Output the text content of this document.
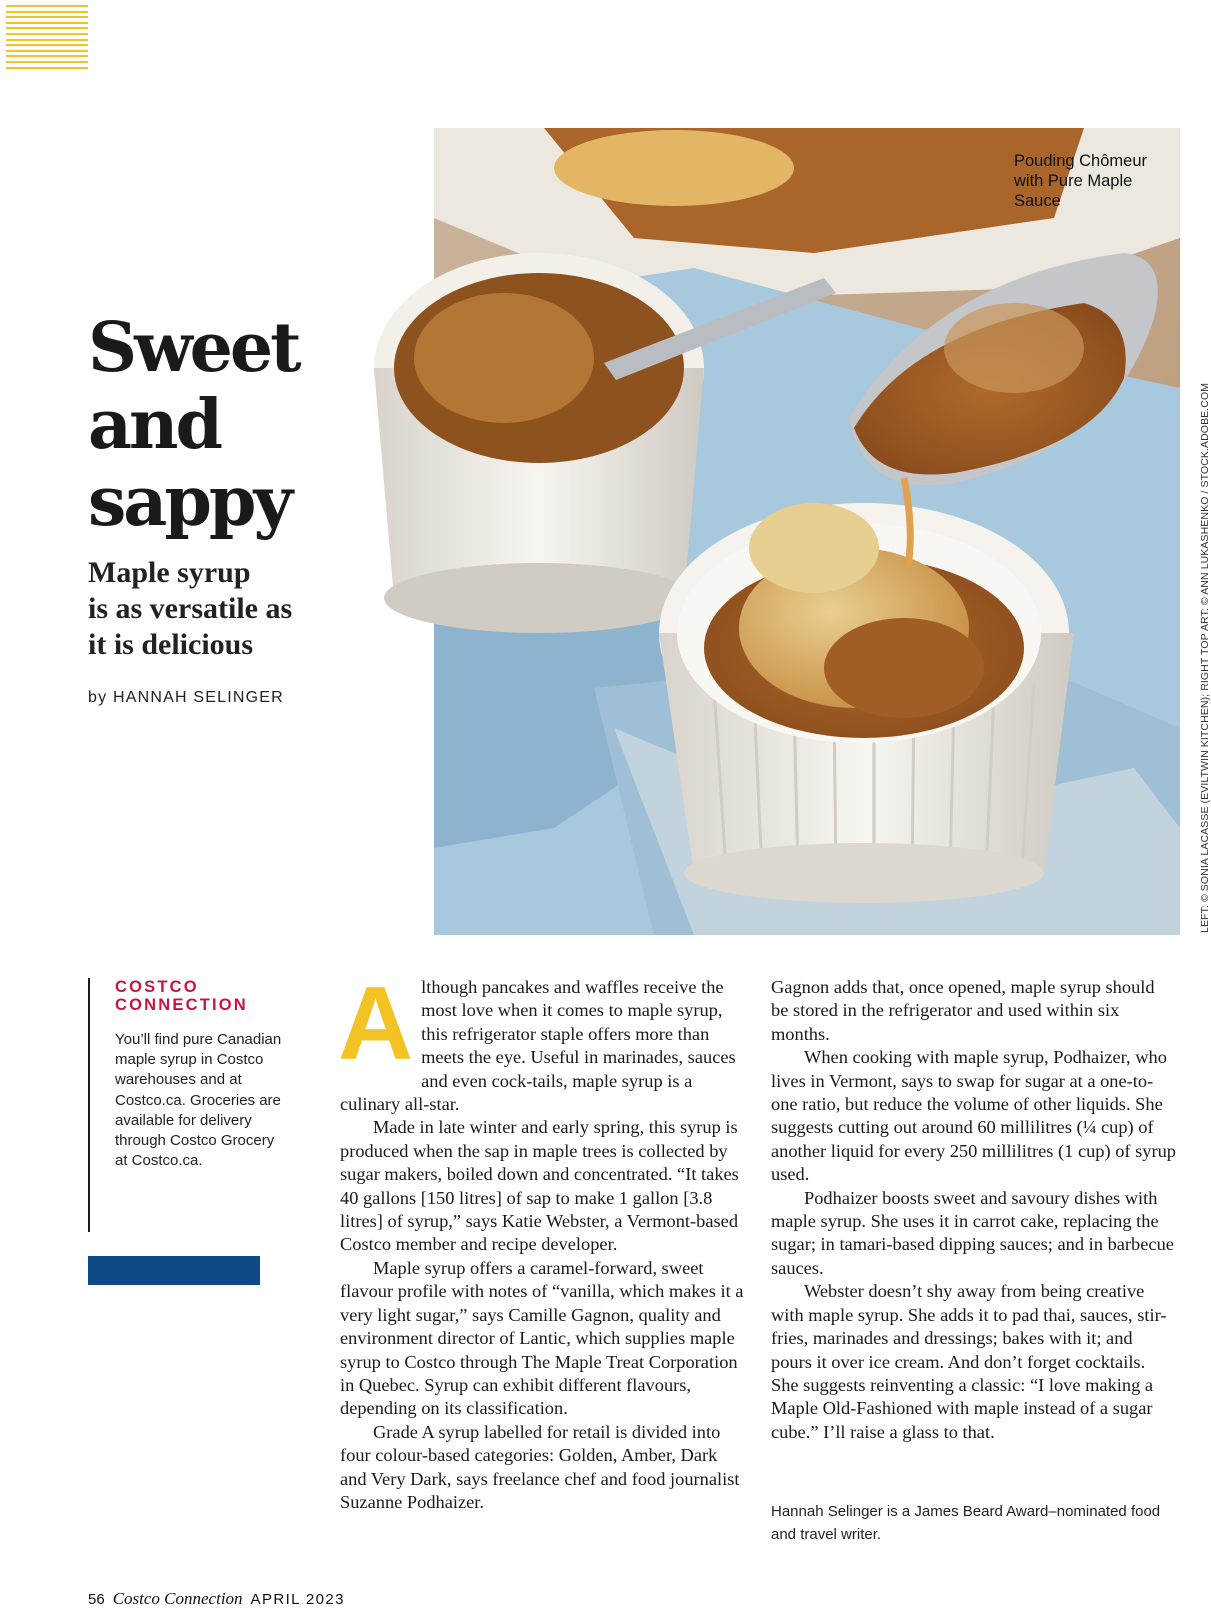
Pouding Chômeur with Pure Maple Sauce
LEFT: © SONIA LACASSE (EVILTWIN KITCHEN); RIGHT TOP ART: © ANN LUKASHENKO / STOCK.ADOBE.COM
Sweet
and
sappy
Maple syrup
is as versatile as
it is delicious
by HANNAH SELINGER
COSTCO
CONNECTION
You’ll find pure Canadian maple syrup in Costco warehouses and at Costco.ca. Groceries are available for delivery through Costco Grocery at Costco.ca.
A lthough pancakes and waffles receive the most love when it comes to maple syrup, this refrigerator staple offers more than meets the eye. Useful in marinades, sauces and even cock-tails, maple syrup is a culinary all-star.

Made in late winter and early spring, this syrup is produced when the sap in maple trees is collected by sugar makers, boiled down and concentrated. “It takes 40 gallons [150 litres] of sap to make 1 gallon [3.8 litres] of syrup,” says Katie Webster, a Vermont-based Costco member and recipe developer.

Maple syrup offers a caramel-forward, sweet flavour profile with notes of “vanilla, which makes it a very light sugar,” says Camille Gagnon, quality and environment director of Lantic, which supplies maple syrup to Costco through The Maple Treat Corporation in Quebec. Syrup can exhibit different flavours, depending on its classification.

Grade A syrup labelled for retail is divided into four colour-based categories: Golden, Amber, Dark and Very Dark, says freelance chef and food journalist Suzanne Podhaizer.

Gagnon adds that, once opened, maple syrup should be stored in the refrigerator and used within six months.

When cooking with maple syrup, Podhaizer, who lives in Vermont, says to swap for sugar at a one-to-one ratio, but reduce the volume of other liquids. She suggests cutting out around 60 millilitres (¼ cup) of another liquid for every 250 millilitres (1 cup) of syrup used.

Podhaizer boosts sweet and savoury dishes with maple syrup. She uses it in carrot cake, replacing the sugar; in tamari-based dipping sauces; and in barbecue sauces.

Webster doesn’t shy away from being creative with maple syrup. She adds it to pad thai, sauces, stir-fries, marinades and dressings; bakes with it; and pours it over ice cream. And don’t forget cocktails. She suggests reinventing a classic: “I love making a Maple Old-Fashioned with maple instead of a sugar cube.” I’ll raise a glass to that.

Hannah Selinger is a James Beard Award–nominated food and travel writer.
56 Costco Connection APRIL 2023
